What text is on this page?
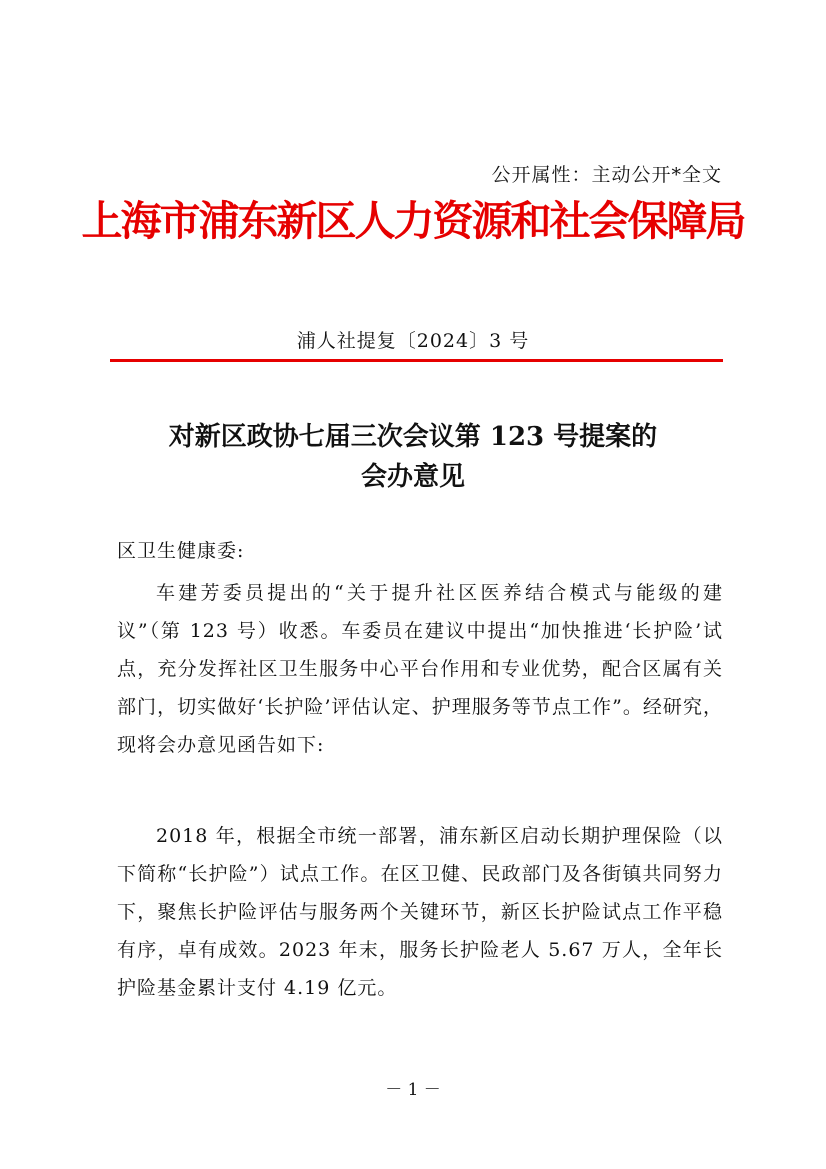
公开属性：主动公开*全文
上海市浦东新区人力资源和社会保障局
浦人社提复〔2024〕3 号
对新区政协七届三次会议第 123 号提案的
会办意见
区卫生健康委:

车建芳委员提出的“关于提升社区医养结合模式与能级的建议”（第 123 号）收悉。车委员在建议中提出“加快推进‘长护险’试点，充分发挥社区卫生服务中心平台作用和专业优势，配合区属有关部门，切实做好‘长护险’评估认定、护理服务等节点工作”。经研究，现将会办意见函告如下:

2018 年，根据全市统一部署，浦东新区启动长期护理保险（以下简称“长护险”）试点工作。在区卫健、民政部门及各街镇共同努力下，聚焦长护险评估与服务两个关键环节，新区长护险试点工作平稳有序，卓有成效。2023 年末，服务长护险老人 5.67 万人，全年长护险基金累计支付 4.19 亿元。

－ 1 －
